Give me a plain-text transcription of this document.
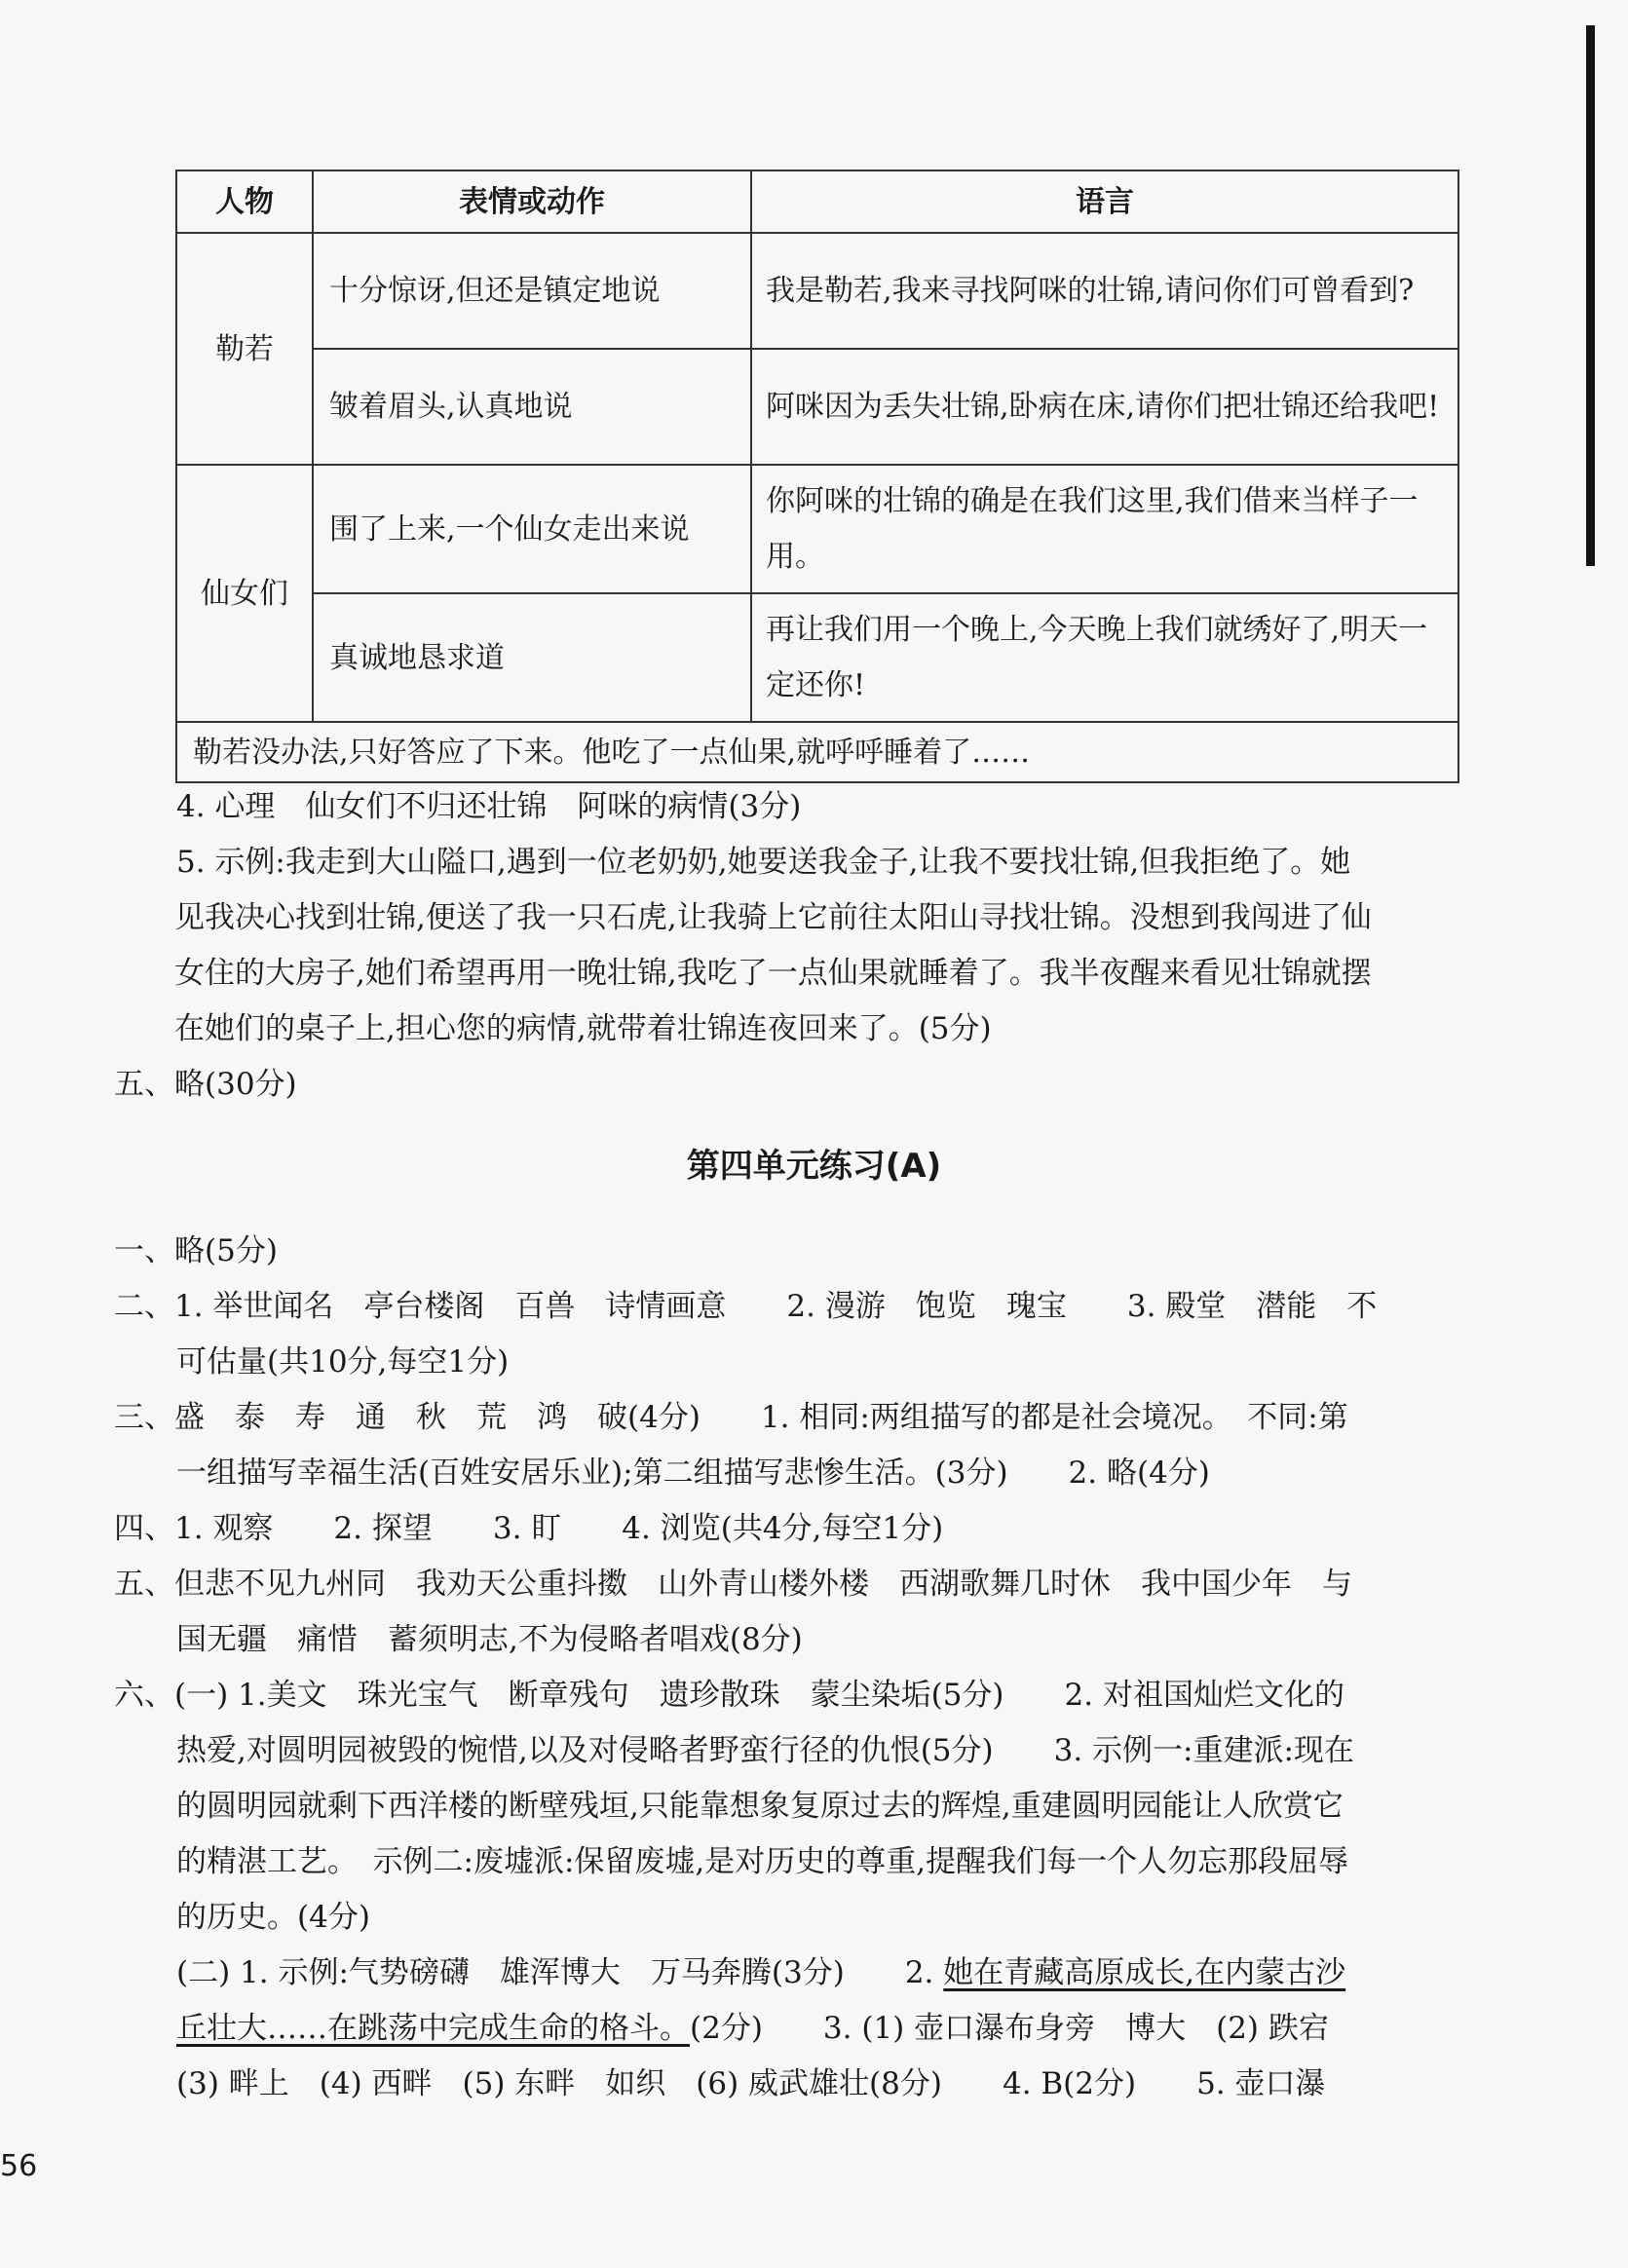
人物	表情或动作	语言
勒若	十分惊讶,但还是镇定地说	我是勒若,我来寻找阿咪的壮锦,请问你们可曾看到?
	皱着眉头,认真地说	阿咪因为丢失壮锦,卧病在床,请你们把壮锦还给我吧!
仙女们	围了上来,一个仙女走出来说	你阿咪的壮锦的确是在我们这里,我们借来当样子一用。
	真诚地恳求道	再让我们用一个晚上,今天晚上我们就绣好了,明天一定还你!
勒若没办法,只好答应了下来。他吃了一点仙果,就呼呼睡着了……		
4. 心理　仙女们不归还壮锦　阿咪的病情(3分)
5. 示例:我走到大山隘口,遇到一位老奶奶,她要送我金子,让我不要找壮锦,但我拒绝了。她
见我决心找到壮锦,便送了我一只石虎,让我骑上它前往太阳山寻找壮锦。没想到我闯进了仙
女住的大房子,她们希望再用一晚壮锦,我吃了一点仙果就睡着了。我半夜醒来看见壮锦就摆
在她们的桌子上,担心您的病情,就带着壮锦连夜回来了。(5分)
五、略(30分)
第四单元练习(A)
一、略(5分)
二、1. 举世闻名　亭台楼阁　百兽　诗情画意　　2. 漫游　饱览　瑰宝　　3. 殿堂　潜能　不
可估量(共10分,每空1分)
三、盛　泰　寿　通　秋　荒　鸿　破(4分)　　1. 相同:两组描写的都是社会境况。　不同:第
一组描写幸福生活(百姓安居乐业);第二组描写悲惨生活。(3分)　　2. 略(4分)
四、1. 观察　　2. 探望　　3. 盯　　4. 浏览(共4分,每空1分)
五、但悲不见九州同　我劝天公重抖擞　山外青山楼外楼　西湖歌舞几时休　我中国少年　与
国无疆　痛惜　蓄须明志,不为侵略者唱戏(8分)
六、(一) 1.美文　珠光宝气　断章残句　遗珍散珠　蒙尘染垢(5分)　　2. 对祖国灿烂文化的
热爱,对圆明园被毁的惋惜,以及对侵略者野蛮行径的仇恨(5分)　　3. 示例一:重建派:现在
的圆明园就剩下西洋楼的断壁残垣,只能靠想象复原过去的辉煌,重建圆明园能让人欣赏它
的精湛工艺。　示例二:废墟派:保留废墟,是对历史的尊重,提醒我们每一个人勿忘那段屈辱
的历史。(4分)
(二) 1. 示例:气势磅礴　雄浑博大　万马奔腾(3分)　　2. 她在青藏高原成长,在内蒙古沙
丘壮大……在跳荡中完成生命的格斗。(2分)　　3. (1) 壶口瀑布身旁　博大　(2) 跌宕
(3) 畔上　(4) 西畔　(5) 东畔　如织　(6) 威武雄壮(8分)　　4. B(2分)　　5. 壶口瀑
56
